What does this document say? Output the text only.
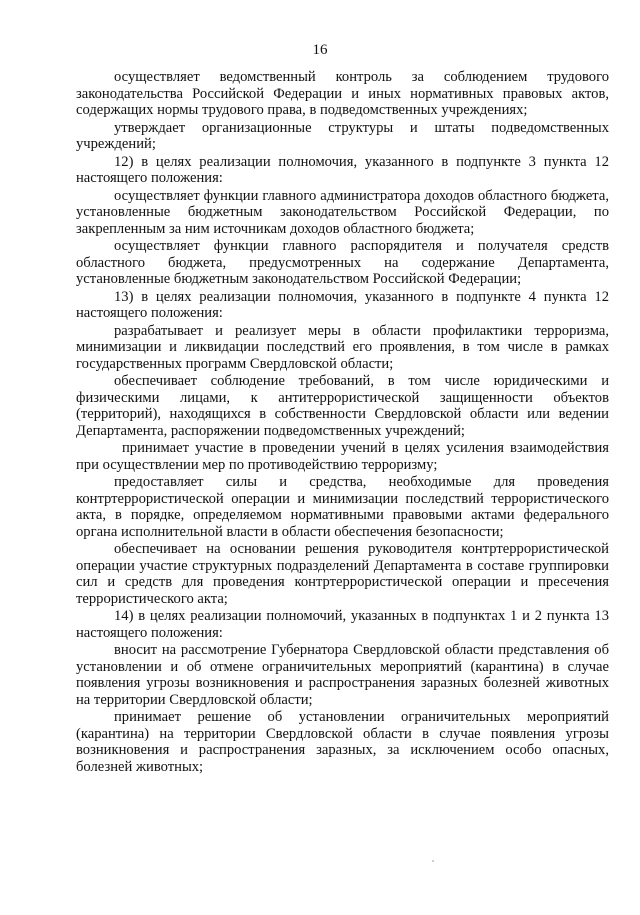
16

осуществляет ведомственный контроль за соблюдением трудового законодательства Российской Федерации и иных нормативных правовых актов, содержащих нормы трудового права, в подведомственных учреждениях;

утверждает организационные структуры и штаты подведомственных учреждений;

12) в целях реализации полномочия, указанного в подпункте 3 пункта 12 настоящего положения:

осуществляет функции главного администратора доходов областного бюджета, установленные бюджетным законодательством Российской Федерации, по закрепленным за ним источникам доходов областного бюджета;

осуществляет функции главного распорядителя и получателя средств областного бюджета, предусмотренных на содержание Департамента, установленные бюджетным законодательством Российской Федерации;

13) в целях реализации полномочия, указанного в подпункте 4 пункта 12 настоящего положения:

разрабатывает и реализует меры в области профилактики терроризма, минимизации и ликвидации последствий его проявления, в том числе в рамках государственных программ Свердловской области;

обеспечивает соблюдение требований, в том числе юридическими и физическими лицами, к антитеррористической защищенности объектов (территорий), находящихся в собственности Свердловской области или ведении Департамента, распоряжении подведомственных учреждений;

принимает участие в проведении учений в целях усиления взаимодействия при осуществлении мер по противодействию терроризму;

предоставляет силы и средства, необходимые для проведения контртеррористической операции и минимизации последствий террористического акта, в порядке, определяемом нормативными правовыми актами федерального органа исполнительной власти в области обеспечения безопасности;

обеспечивает на основании решения руководителя контртеррористической операции участие структурных подразделений Департамента в составе группировки сил и средств для проведения контртеррористической операции и пресечения террористического акта;

14) в целях реализации полномочий, указанных в подпунктах 1 и 2 пункта 13 настоящего положения:

вносит на рассмотрение Губернатора Свердловской области представления об установлении и об отмене ограничительных мероприятий (карантина) в случае появления угрозы возникновения и распространения заразных болезней животных на территории Свердловской области;

принимает решение об установлении ограничительных мероприятий (карантина) на территории Свердловской области в случае появления угрозы возникновения и распространения заразных, за исключением особо опасных, болезней животных;
